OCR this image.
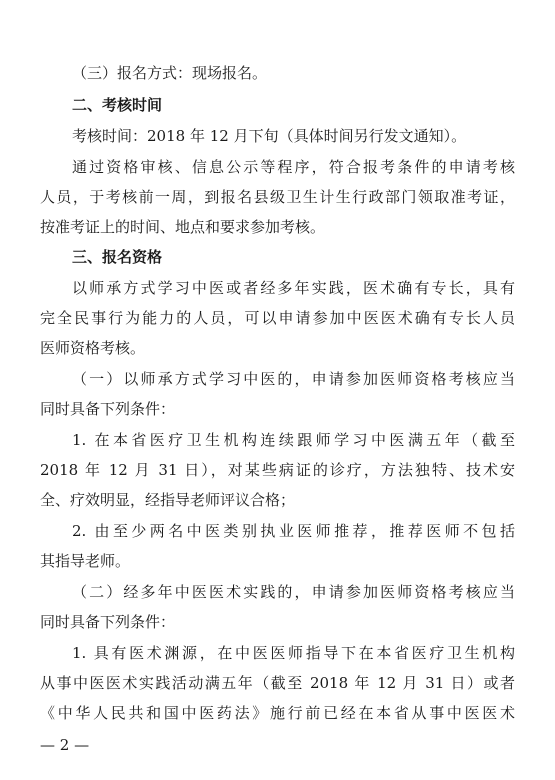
（三）报名方式：现场报名。
二、考核时间
考核时间：2018 年 12 月下旬（具体时间另行发文通知）。
通过资格审核、信息公示等程序，符合报考条件的申请考核
人员，于考核前一周，到报名县级卫生计生行政部门领取准考证，
按准考证上的时间、地点和要求参加考核。
三、报名资格
以师承方式学习中医或者经多年实践，医术确有专长，具有
完全民事行为能力的人员，可以申请参加中医医术确有专长人员
医师资格考核。
（一）以师承方式学习中医的，申请参加医师资格考核应当
同时具备下列条件：
1. 在本省医疗卫生机构连续跟师学习中医满五年（截至
2018 年 12 月 31 日），对某些病证的诊疗，方法独特、技术安
全、疗效明显，经指导老师评议合格；
2. 由至少两名中医类别执业医师推荐，推荐医师不包括
其指导老师。
（二）经多年中医医术实践的，申请参加医师资格考核应当
同时具备下列条件：
1. 具有医术渊源，在中医医师指导下在本省医疗卫生机构
从事中医医术实践活动满五年（截至 2018 年 12 月 31 日）或者
《中华人民共和国中医药法》施行前已经在本省从事中医医术
— 2 —
